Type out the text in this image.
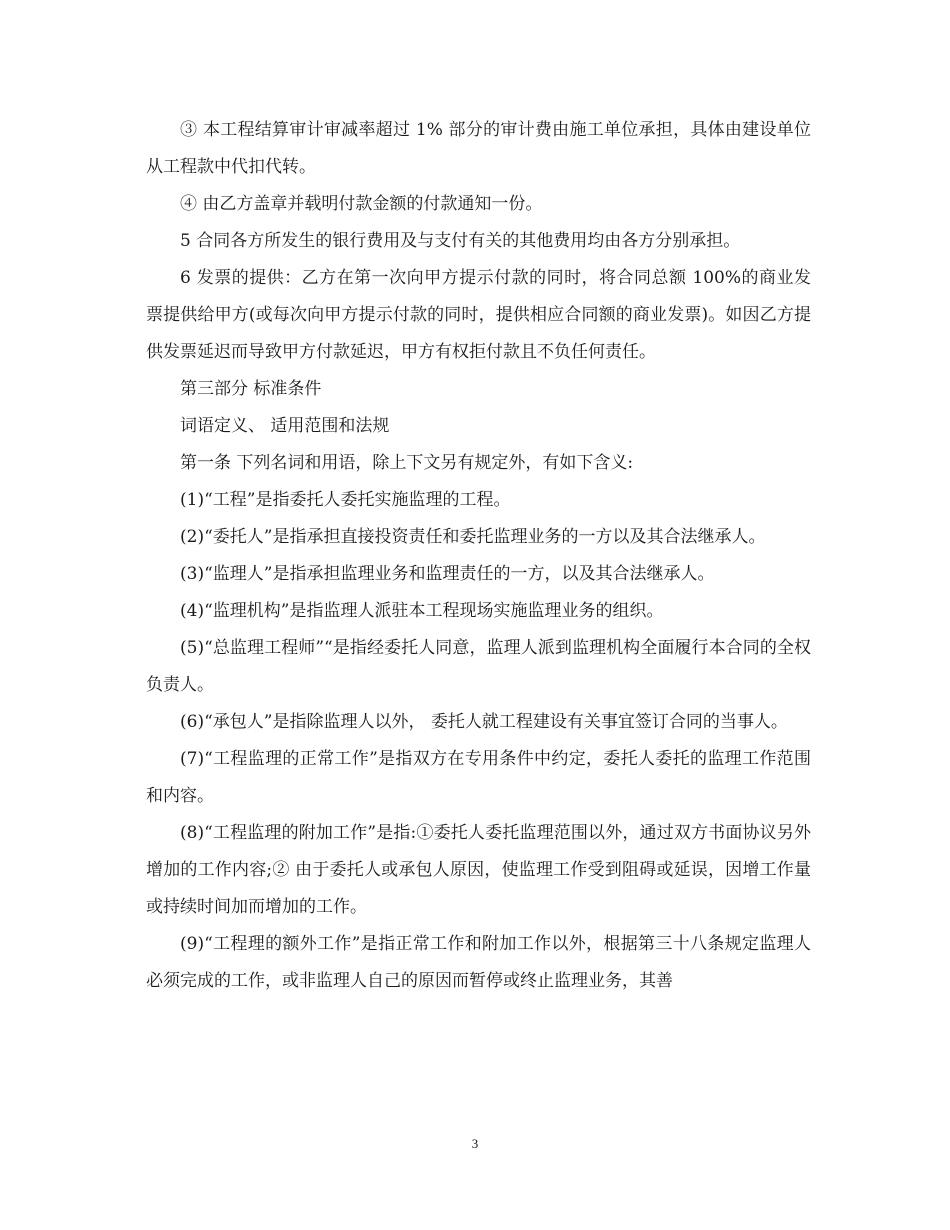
③ 本工程结算审计审减率超过 1% 部分的审计费由施工单位承担，具体由建设单位从工程款中代扣代转。

④ 由乙方盖章并载明付款金额的付款通知一份。

5 合同各方所发生的银行费用及与支付有关的其他费用均由各方分别承担。

6 发票的提供：乙方在第一次向甲方提示付款的同时，将合同总额 100%的商业发票提供给甲方(或每次向甲方提示付款的同时，提供相应合同额的商业发票)。如因乙方提供发票延迟而导致甲方付款延迟，甲方有权拒付款且不负任何责任。

第三部分 标准条件

词语定义、 适用范围和法规

第一条 下列名词和用语，除上下文另有规定外，有如下含义:

(1)“工程”是指委托人委托实施监理的工程。

(2)“委托人”是指承担直接投资责任和委托监理业务的一方以及其合法继承人。

(3)“监理人”是指承担监理业务和监理责任的一方，以及其合法继承人。

(4)“监理机构”是指监理人派驻本工程现场实施监理业务的组织。

(5)“总监理工程师”“是指经委托人同意，监理人派到监理机构全面履行本合同的全权负责人。

(6)“承包人”是指除监理人以外， 委托人就工程建设有关事宜签订合同的当事人。

(7)“工程监理的正常工作”是指双方在专用条件中约定，委托人委托的监理工作范围和内容。

(8)“工程监理的附加工作”是指:①委托人委托监理范围以外，通过双方书面协议另外增加的工作内容;② 由于委托人或承包人原因，使监理工作受到阻碍或延误，因增工作量或持续时间加而增加的工作。

(9)“工程理的额外工作”是指正常工作和附加工作以外，根据第三十八条规定监理人必须完成的工作，或非监理人自己的原因而暂停或终止监理业务，其善

3
